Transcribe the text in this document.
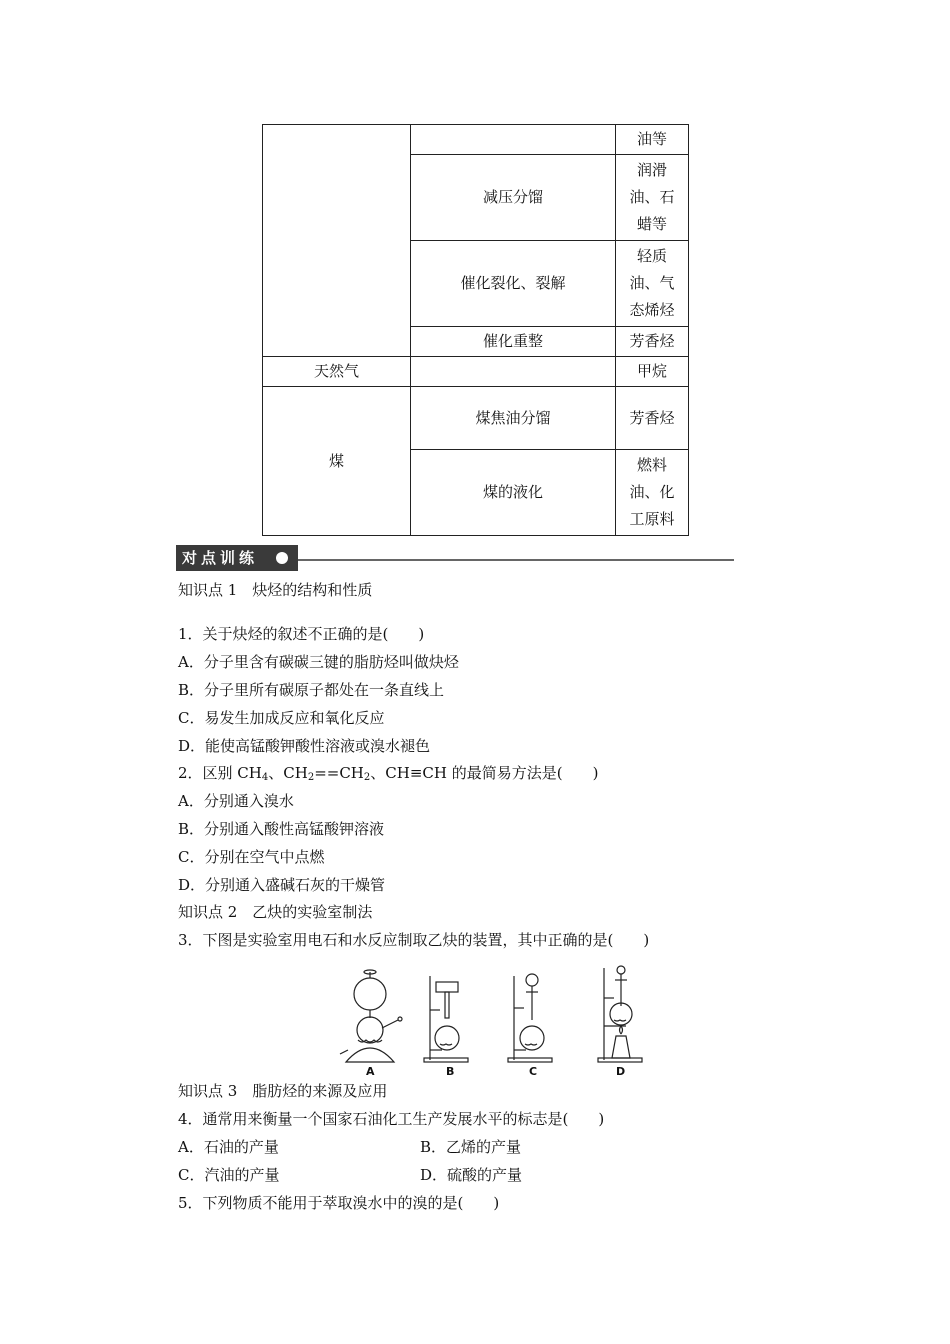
		油等
	减压分馏	润滑
油、石
蜡等

	催化裂化、裂解	轻质
油、气
态烯烃

	催化重整	芳香烃
天然气		甲烷
煤	煤焦油分馏	芳香烃
	煤的液化	燃料
油、化
工原料
对点训练
知识点 1　炔烃的结构和性质
1．关于炔烃的叙述不正确的是(　　)
A．分子里含有碳碳三键的脂肪烃叫做炔烃
B．分子里所有碳原子都处在一条直线上
C．易发生加成反应和氧化反应
D．能使高锰酸钾酸性溶液或溴水褪色
2．区别 $CH_4$、$CH_2==CH_2$、CH≡CH 的最简易方法是(　　)
A．分别通入溴水
B．分别通入酸性高锰酸钾溶液
C．分别在空气中点燃
D．分别通入盛碱石灰的干燥管
知识点 2　乙炔的实验室制法
3．下图是实验室用电石和水反应制取乙炔的装置，其中正确的是(　　)
A	B	C	D
知识点 3　脂肪烃的来源及应用
4．通常用来衡量一个国家石油化工生产发展水平的标志是(　　)
A．石油的产量	B．乙烯的产量
C．汽油的产量	D．硫酸的产量
5．下列物质不能用于萃取溴水中的溴的是(　　)
